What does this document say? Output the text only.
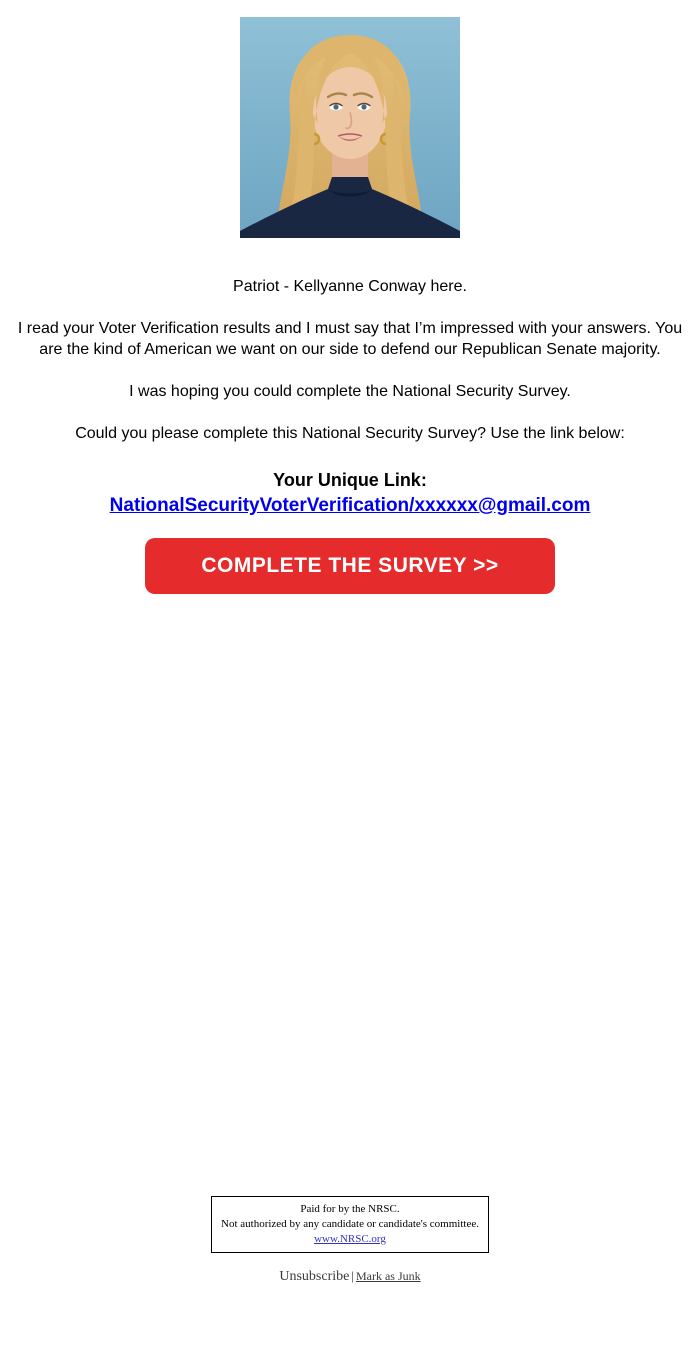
Patriot - Kellyanne Conway here.

I read your Voter Verification results and I must say that I’m impressed with your answers. You are the kind of American we want on our side to defend our Republican Senate majority.

I was hoping you could complete the National Security Survey.

Could you please complete this National Security Survey? Use the link below:

Your Unique Link:
NationalSecurityVoterVerification/xxxxxx@gmail.com
COMPLETE THE SURVEY >>
Paid for by the NRSC.
Not authorized by any candidate or candidate's committee.
www.NRSC.org
Unsubscribe | Mark as Junk
